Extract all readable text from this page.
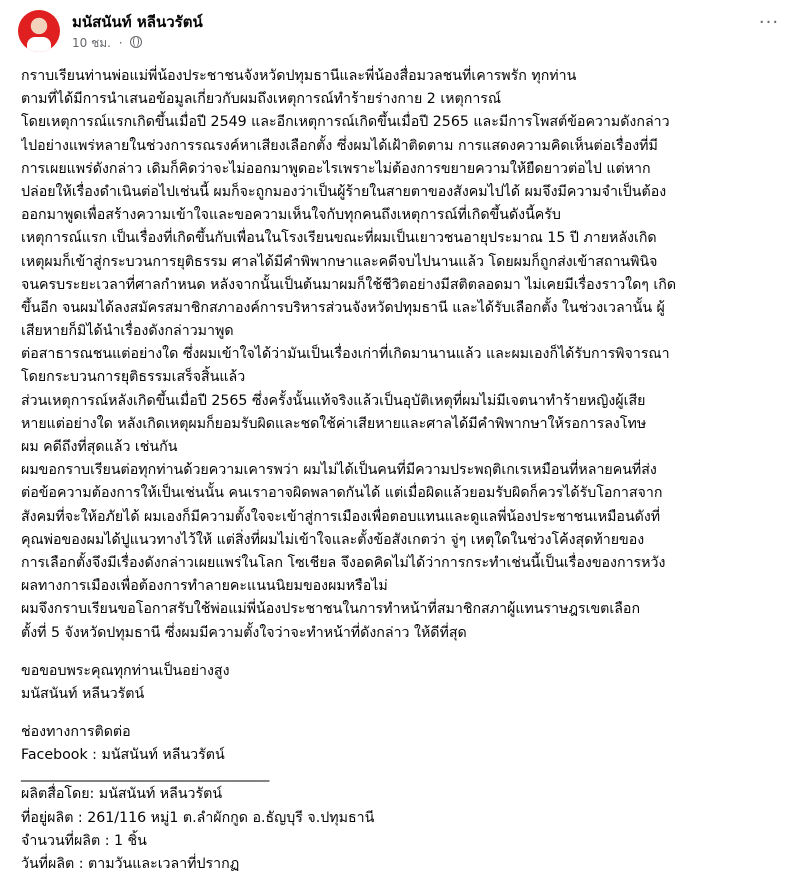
มนัสนันท์ หลีนวรัตน์
10 ชม. ·
···
กราบเรียนท่านพ่อแม่พี่น้องประชาชนจังหวัดปทุมธานีและพี่น้องสื่อมวลชนที่เคารพรัก ทุกท่าน
ตามที่ได้มีการนำเสนอข้อมูลเกี่ยวกับผมถึงเหตุการณ์ทำร้ายร่างกาย 2 เหตุการณ์
โดยเหตุการณ์แรกเกิดขึ้นเมื่อปี 2549 และอีกเหตุการณ์เกิดขึ้นเมื่อปี 2565 และมีการโพสต์ข้อความดังกล่าว
ไปอย่างแพร่หลายในช่วงการรณรงค์หาเสียงเลือกตั้ง ซึ่งผมได้เฝ้าติดตาม การแสดงความคิดเห็นต่อเรื่องที่มี
การเผยแพร่ดังกล่าว เดิมก็คิดว่าจะไม่ออกมาพูดอะไรเพราะไม่ต้องการขยายความให้ยืดยาวต่อไป แต่หาก
ปล่อยให้เรื่องดำเนินต่อไปเช่นนี้ ผมก็จะถูกมองว่าเป็นผู้ร้ายในสายตาของสังคมไปได้ ผมจึงมีความจำเป็นต้อง
ออกมาพูดเพื่อสร้างความเข้าใจและขอความเห็นใจกับทุกคนถึงเหตุการณ์ที่เกิดขึ้นดังนี้ครับ
เหตุการณ์แรก เป็นเรื่องที่เกิดขึ้นกับเพื่อนในโรงเรียนขณะที่ผมเป็นเยาวชนอายุประมาณ 15 ปี ภายหลังเกิด
เหตุผมก็เข้าสู่กระบวนการยุติธรรม ศาลได้มีคำพิพากษาและคดีจบไปนานแล้ว โดยผมก็ถูกส่งเข้าสถานพินิจ
จนครบระยะเวลาที่ศาลกำหนด หลังจากนั้นเป็นต้นมาผมก็ใช้ชีวิตอย่างมีสติตลอดมา ไม่เคยมีเรื่องราวใดๆ เกิด
ขึ้นอีก จนผมได้ลงสมัครสมาชิกสภาองค์การบริหารส่วนจังหวัดปทุมธานี และได้รับเลือกตั้ง ในช่วงเวลานั้น ผู้
เสียหายก็มิได้นำเรื่องดังกล่าวมาพูด
ต่อสาธารณชนแต่อย่างใด ซึ่งผมเข้าใจได้ว่ามันเป็นเรื่องเก่าที่เกิดมานานแล้ว และผมเองก็ได้รับการพิจารณา
โดยกระบวนการยุติธรรมเสร็จสิ้นแล้ว
ส่วนเหตุการณ์หลังเกิดขึ้นเมื่อปี 2565 ซึ่งครั้งนั้นแท้จริงแล้วเป็นอุบัติเหตุที่ผมไม่มีเจตนาทำร้ายหญิงผู้เสีย
หายแต่อย่างใด หลังเกิดเหตุผมก็ยอมรับผิดและชดใช้ค่าเสียหายและศาลได้มีคำพิพากษาให้รอการลงโทษ
ผม คดีถึงที่สุดแล้ว เช่นกัน
ผมขอกราบเรียนต่อทุกท่านด้วยความเคารพว่า ผมไม่ได้เป็นคนที่มีความประพฤติเกเรเหมือนที่หลายคนที่ส่ง
ต่อข้อความต้องการให้เป็นเช่นนั้น คนเราอาจผิดพลาดกันได้ แต่เมื่อผิดแล้วยอมรับผิดก็ควรได้รับโอกาสจาก
สังคมที่จะให้อภัยได้ ผมเองก็มีความตั้งใจจะเข้าสู่การเมืองเพื่อตอบแทนและดูแลพี่น้องประชาชนเหมือนดังที่
คุณพ่อของผมได้ปูแนวทางไว้ให้ แต่สิ่งที่ผมไม่เข้าใจและตั้งข้อสังเกตว่า จู่ๆ เหตุใดในช่วงโค้งสุดท้ายของ
การเลือกตั้งจึงมีเรื่องดังกล่าวเผยแพร่ในโลก โซเชียล จึงอดคิดไม่ได้ว่าการกระทำเช่นนี้เป็นเรื่องของการหวัง
ผลทางการเมืองเพื่อต้องการทำลายคะแนนนิยมของผมหรือไม่
ผมจึงกราบเรียนขอโอกาสรับใช้พ่อแม่พี่น้องประชาชนในการทำหน้าที่สมาชิกสภาผู้แทนราษฎรเขตเลือก
ตั้งที่ 5 จังหวัดปทุมธานี ซึ่งผมมีความตั้งใจว่าจะทำหน้าที่ดังกล่าว ให้ดีที่สุด
ขอขอบพระคุณทุกท่านเป็นอย่างสูง
มนัสนันท์ หลีนวรัตน์
ช่องทางการติดต่อ
Facebook : มนัสนันท์ หลีนวรัตน์
___________________________________
ผลิตสื่อโดย: มนัสนันท์ หลีนวรัตน์
ที่อยู่ผลิต : 261/116 หมู่1 ต.ลำผักกูด อ.ธัญบุรี จ.ปทุมธานี
จำนวนที่ผลิต : 1 ชิ้น
วันที่ผลิต : ตามวันและเวลาที่ปรากฏ
